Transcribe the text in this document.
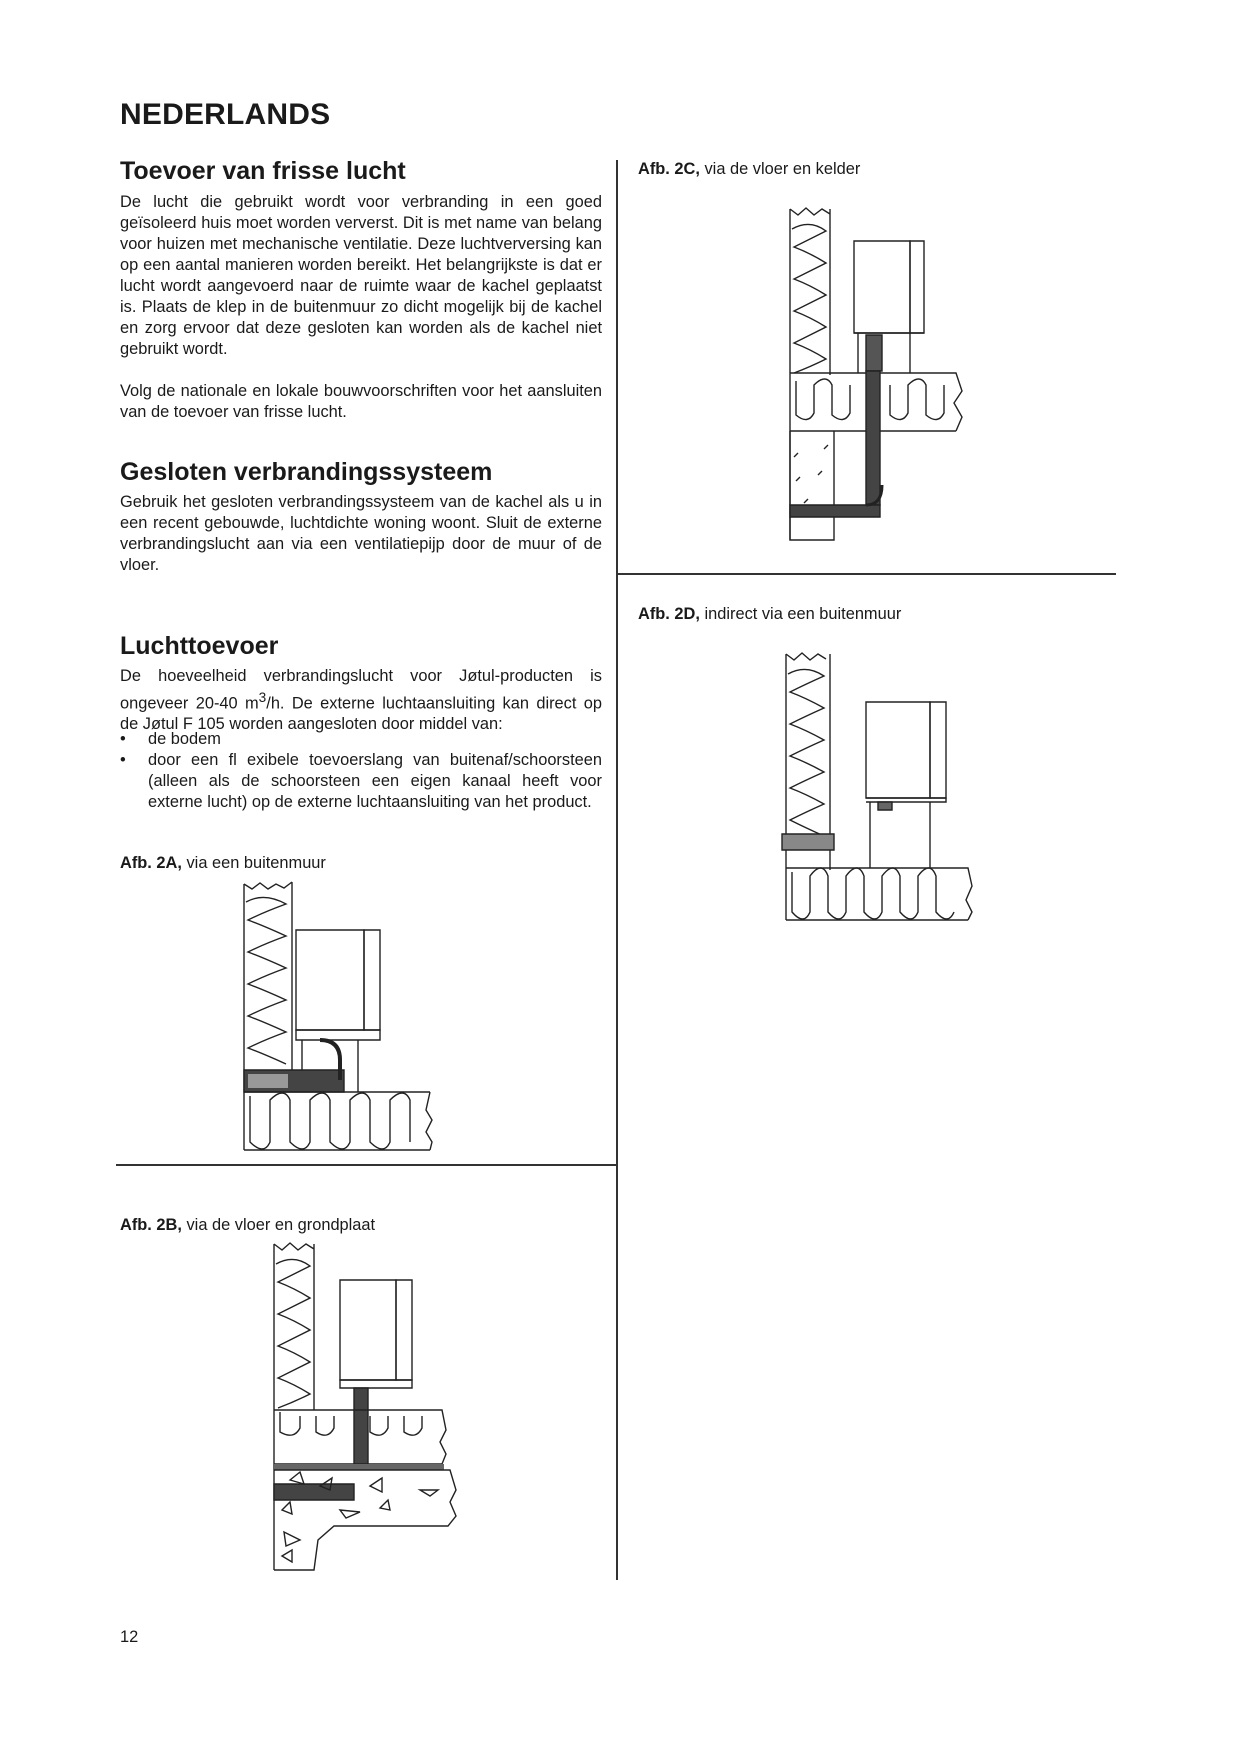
NEDERLANDS
Toevoer van frisse lucht
De lucht die gebruikt wordt voor verbranding in een goed geïsoleerd huis moet worden ververst. Dit is met name van belang voor huizen met mechanische ventilatie. Deze luchtverversing kan op een aantal manieren worden bereikt. Het belangrijkste is dat er lucht wordt aangevoerd naar de ruimte waar de kachel geplaatst is. Plaats de klep in de buitenmuur zo dicht mogelijk bij de kachel en zorg ervoor dat deze gesloten kan worden als de kachel niet gebruikt wordt.
Volg de nationale en lokale bouwvoorschriften voor het aansluiten van de toevoer van frisse lucht.
Gesloten verbrandingssysteem
Gebruik het gesloten verbrandingssysteem van de kachel als u in een recent gebouwde, luchtdichte woning woont. Sluit de externe verbrandingslucht aan via een ventilatiepijp door de muur of de vloer.
Luchttoevoer
De hoeveelheid verbrandingslucht voor Jøtul-producten is ongeveer 20-40 $m^3/h$. De externe luchtaansluiting kan direct op de Jøtul F 105 worden aangesloten door middel van:
• de bodem
• door een ﬂ exibele toevoerslang van buitenaf/schoorsteen (alleen als de schoorsteen een eigen kanaal heeft voor externe lucht) op de externe luchtaansluiting van het product.
Afb. 2A, via een buitenmuur
Afb. 2B, via de vloer en grondplaat
Afb. 2C, via de vloer en kelder
Afb. 2D, indirect via een buitenmuur
12
